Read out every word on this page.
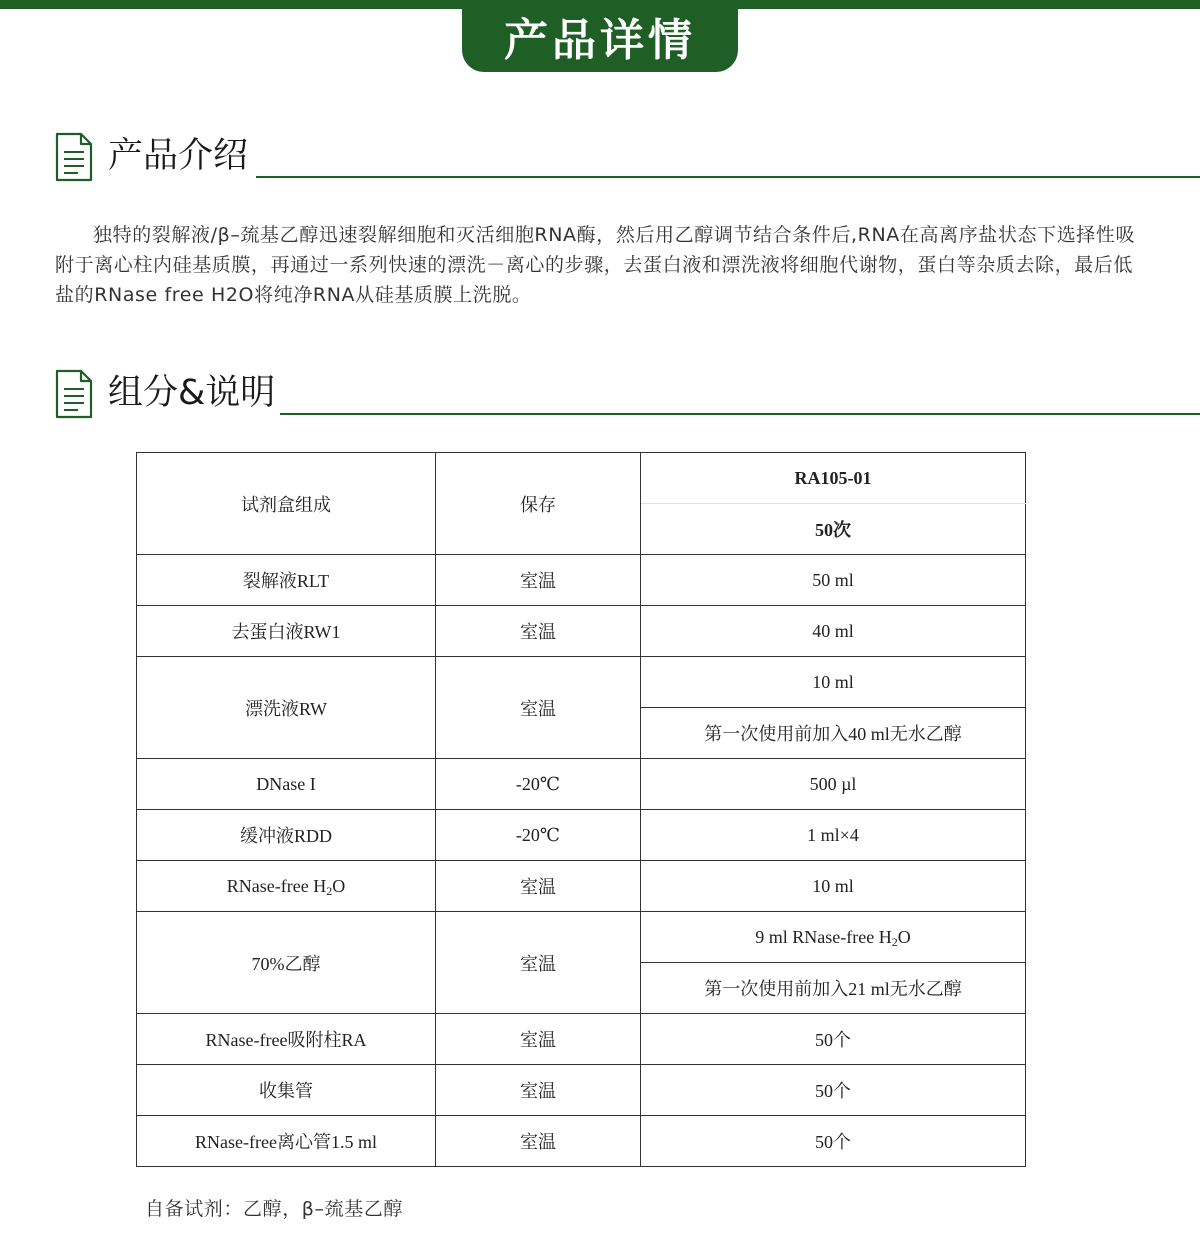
产品详情
产品介绍

独特的裂解液/β–巯基乙醇迅速裂解细胞和灭活细胞RNA酶，然后用乙醇调节结合条件后,RNA在高离序盐状态下选择性吸附于离心柱内硅基质膜，再通过一系列快速的漂洗－离心的步骤，去蛋白液和漂洗液将细胞代谢物，蛋白等杂质去除，最后低盐的RNase free H2O将纯净RNA从硅基质膜上洗脱。

组分&说明
试剂盒组成	保存	RA105-01
		50次
裂解液RLT	室温	50 ml
去蛋白液RW1	室温	40 ml
漂洗液RW	室温	10 ml
		第一次使用前加入40 ml无水乙醇
DNase I	-20℃	500 µl
缓冲液RDD	-20℃	1 ml×4
RNase-free $H_2O$	室温	10 ml
70%乙醇	室温	9 ml RNase-free $H_2O$
		第一次使用前加入21 ml无水乙醇
RNase-free吸附柱RA	室温	50个
收集管	室温	50个
RNase-free离心管1.5 ml	室温	50个
自备试剂：乙醇，β–巯基乙醇
